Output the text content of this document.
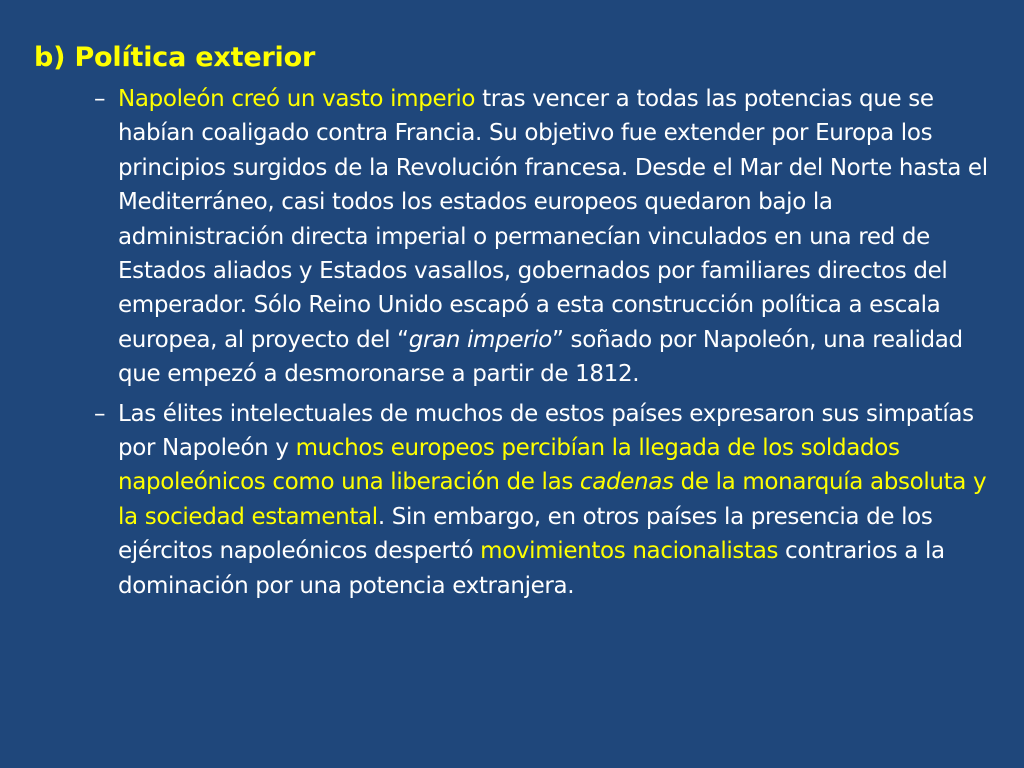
b) Política exterior
– Napoleón creó un vasto imperio tras vencer a todas las potencias que se habían coaligado contra Francia. Su objetivo fue extender por Europa los principios surgidos de la Revolución francesa. Desde el Mar del Norte hasta el Mediterráneo, casi todos los estados europeos quedaron bajo la administración directa imperial o permanecían vinculados en una red de Estados aliados y Estados vasallos, gobernados por familiares directos del emperador. Sólo Reino Unido escapó a esta construcción política a escala europea, al proyecto del “gran imperio” soñado por Napoleón, una realidad que empezó a desmoronarse a partir de 1812.
– Las élites intelectuales de muchos de estos países expresaron sus simpatías por Napoleón y muchos europeos percibían la llegada de los soldados napoleónicos como una liberación de las cadenas de la monarquía absoluta y la sociedad estamental. Sin embargo, en otros países la presencia de los ejércitos napoleónicos despertó movimientos nacionalistas contrarios a la dominación por una potencia extranjera.
